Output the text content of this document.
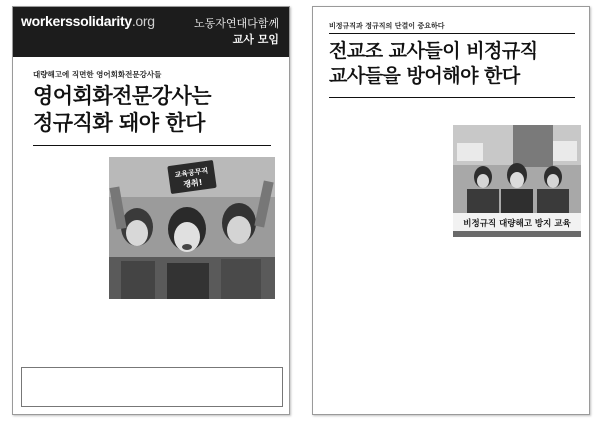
workerssolidarity.org	노동자연대다함께
교사 모임
대량해고에 직면한 영어회화전문강사들
영어회화전문강사는
정규직화 돼야 한다

교육공무직
쟁취!

비정규직과 정규직의 단결이 중요하다
전교조 교사들이 비정규직
교사들을 방어해야 한다
비정규직 대량해고 방지 교육
